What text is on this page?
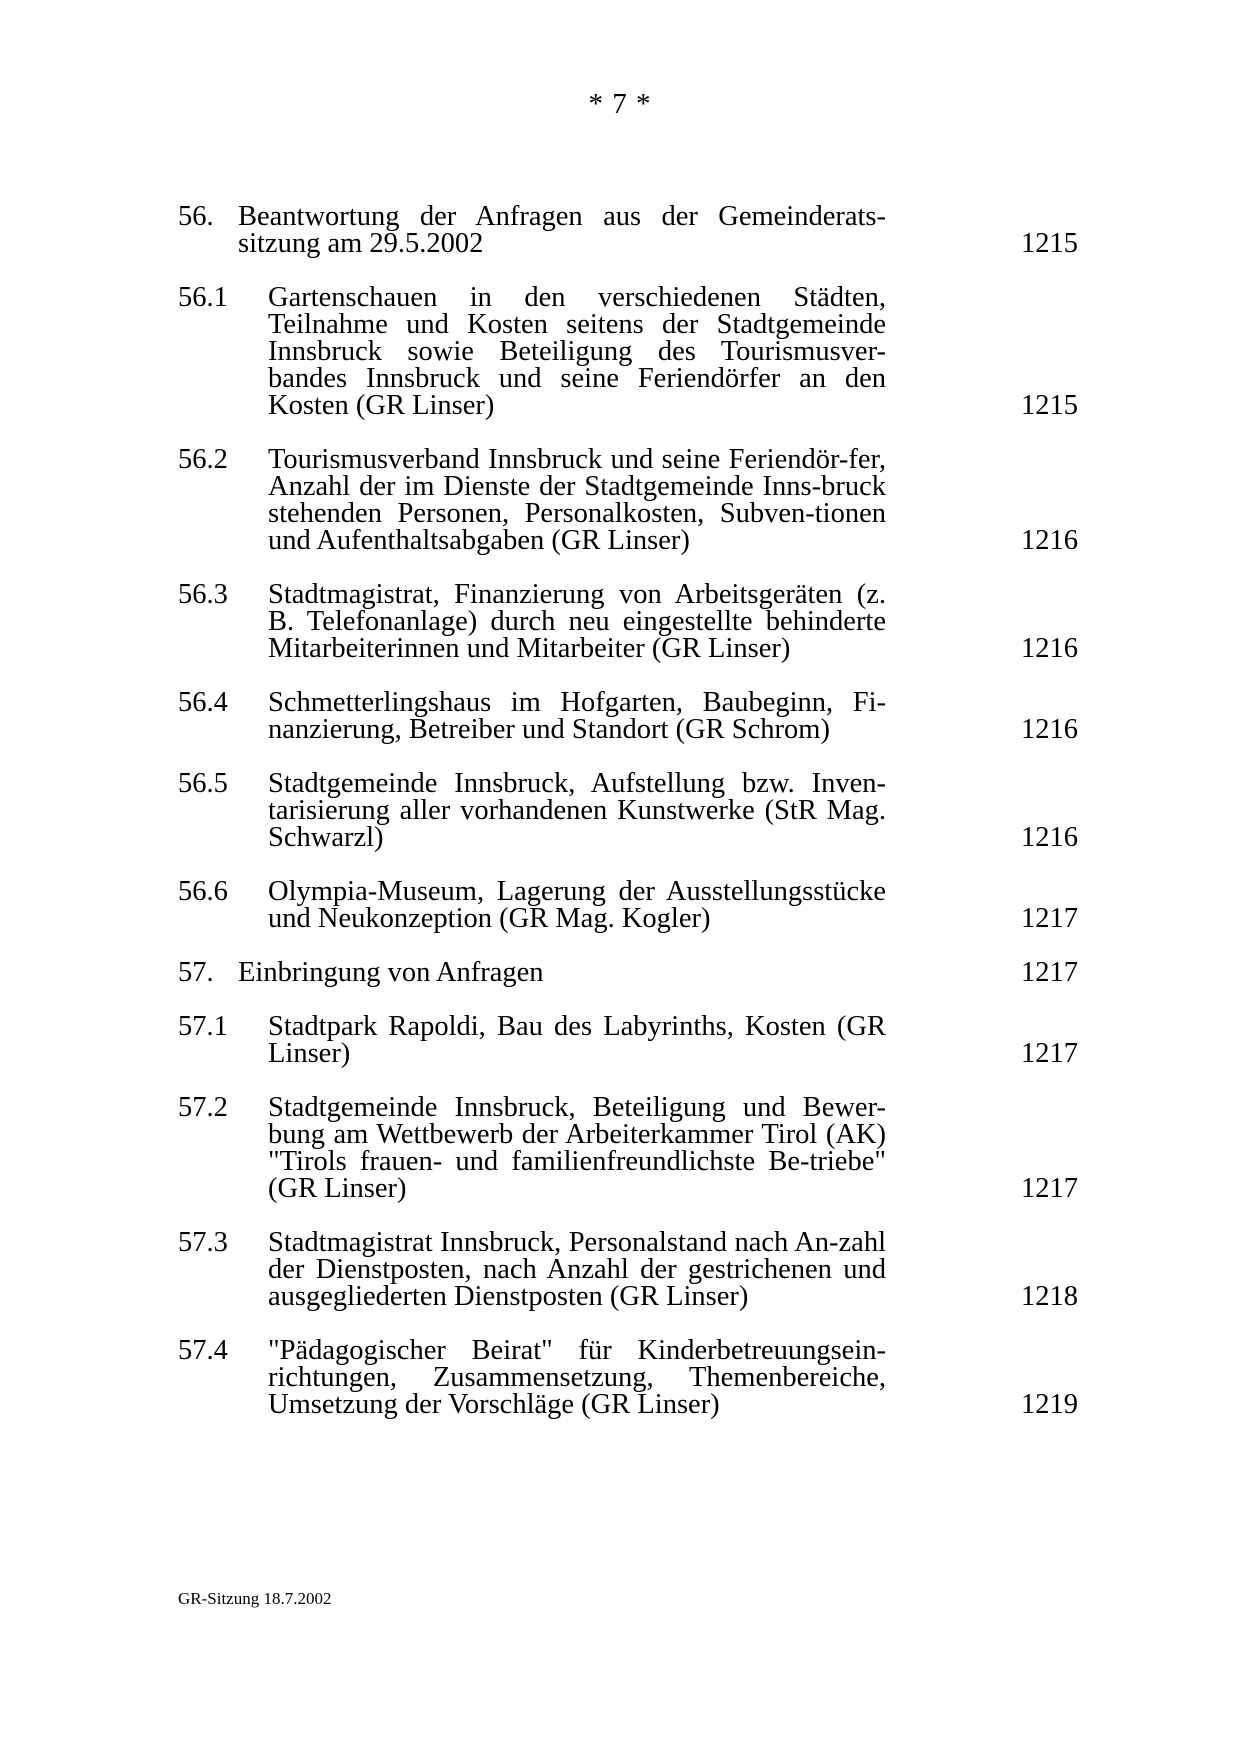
* 7 *
56. Beantwortung der Anfragen aus der Gemeinderats-sitzung am 29.5.2002	1215
56.1 Gartenschauen in den verschiedenen Städten, Teilnahme und Kosten seitens der Stadtgemeinde Innsbruck sowie Beteiligung des Tourismusver-bandes Innsbruck und seine Feriendörfer an den Kosten (GR Linser)	1215
56.2 Tourismusverband Innsbruck und seine Feriendör-fer, Anzahl der im Dienste der Stadtgemeinde Inns-bruck stehenden Personen, Personalkosten, Subven-tionen und Aufenthaltsabgaben (GR Linser)	1216
56.3 Stadtmagistrat, Finanzierung von Arbeitsgeräten (z. B. Telefonanlage) durch neu eingestellte behinderte Mitarbeiterinnen und Mitarbeiter (GR Linser)	1216
56.4 Schmetterlingshaus im Hofgarten, Baubeginn, Fi-nanzierung, Betreiber und Standort (GR Schrom)	1216
56.5 Stadtgemeinde Innsbruck, Aufstellung bzw. Inven-tarisierung aller vorhandenen Kunstwerke (StR Mag. Schwarzl)	1216
56.6 Olympia-Museum, Lagerung der Ausstellungsstücke und Neukonzeption (GR Mag. Kogler)	1217
57. Einbringung von Anfragen	1217
57.1 Stadtpark Rapoldi, Bau des Labyrinths, Kosten (GR Linser)	1217
57.2 Stadtgemeinde Innsbruck, Beteiligung und Bewer-bung am Wettbewerb der Arbeiterkammer Tirol (AK) "Tirols frauen- und familienfreundlichste Be-triebe" (GR Linser)	1217
57.3 Stadtmagistrat Innsbruck, Personalstand nach An-zahl der Dienstposten, nach Anzahl der gestrichenen und ausgegliederten Dienstposten (GR Linser)	1218
57.4 "Pädagogischer Beirat" für Kinderbetreuungsein-richtungen, Zusammensetzung, Themenbereiche, Umsetzung der Vorschläge (GR Linser)	1219
GR-Sitzung 18.7.2002
